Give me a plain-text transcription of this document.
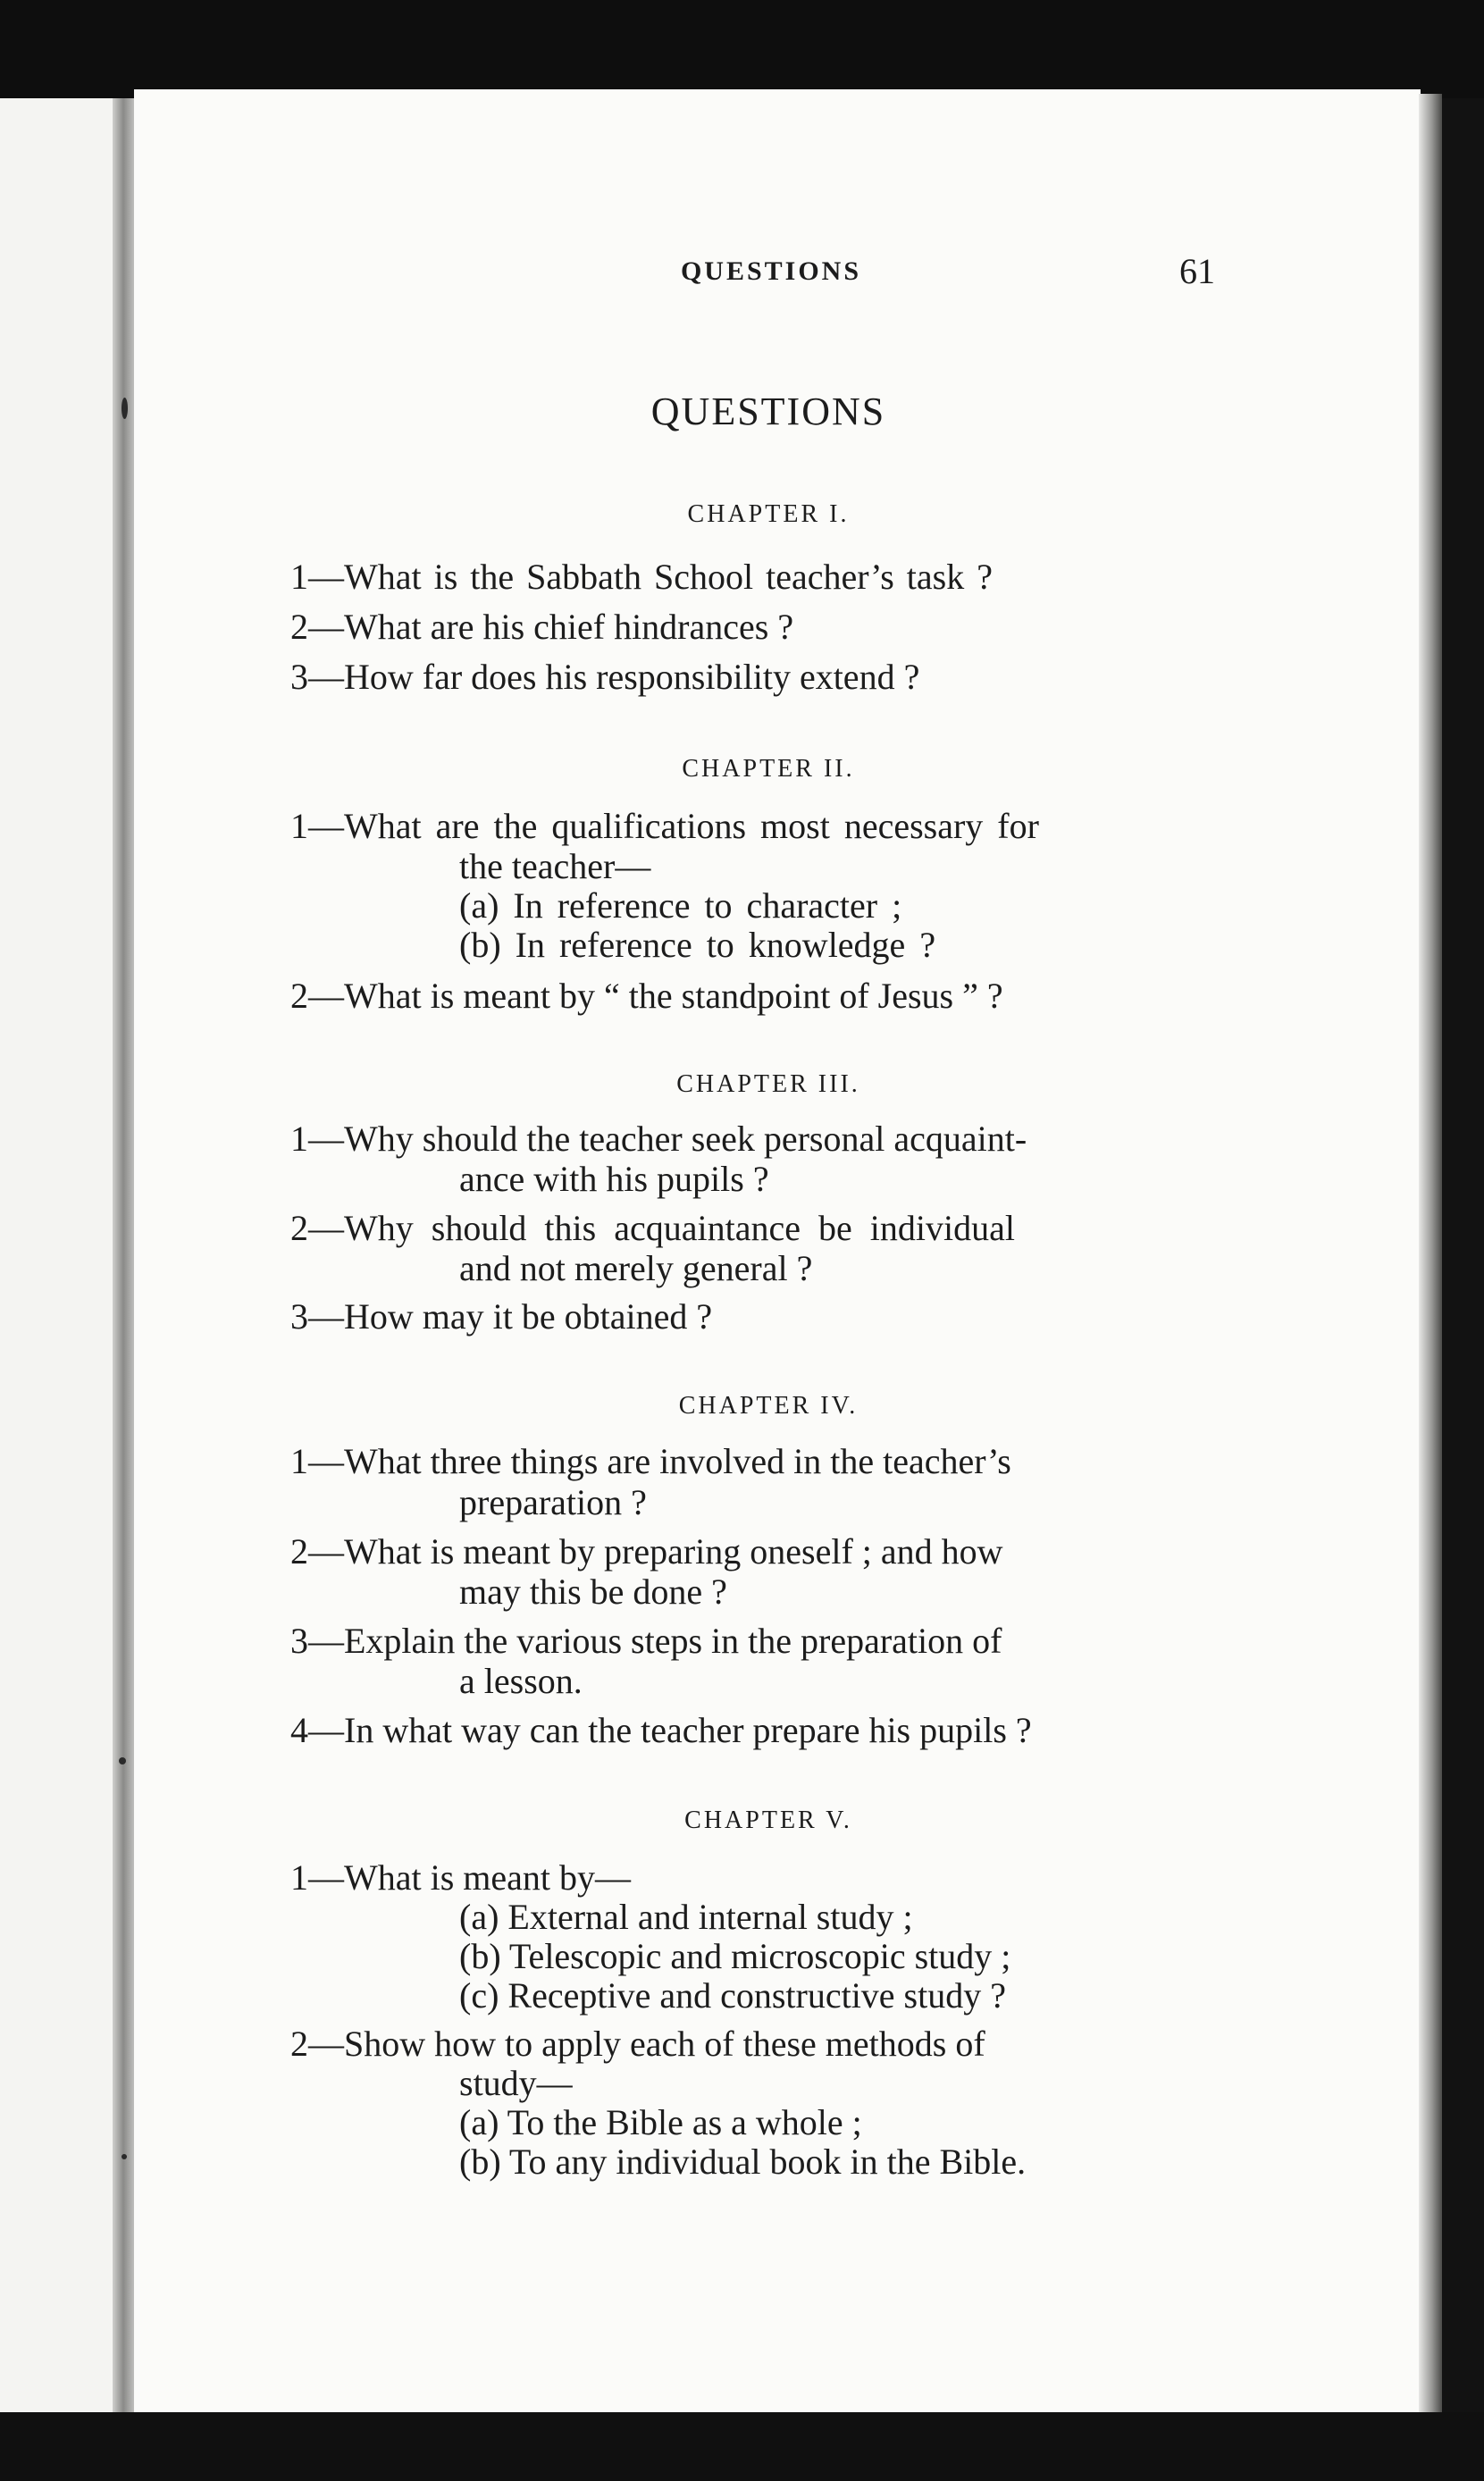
QUESTIONS	61
QUESTIONS
CHAPTER I.
1—What is the Sabbath School teacher’s task ?
2—What are his chief hindrances ?
3—How far does his responsibility extend ?
CHAPTER II.
1—What are the qualifications most necessary for
the teacher—
(a) In reference to character ;
(b) In reference to knowledge ?
2—What is meant by “ the standpoint of Jesus ” ?
CHAPTER III.
1—Why should the teacher seek personal acquaint-
ance with his pupils ?
2—Why should this acquaintance be individual
and not merely general ?
3—How may it be obtained ?
CHAPTER IV.
1—What three things are involved in the teacher’s
preparation ?
2—What is meant by preparing oneself ; and how
may this be done ?
3—Explain the various steps in the preparation of
a lesson.
4—In what way can the teacher prepare his pupils ?
CHAPTER V.
1—What is meant by—
(a) External and internal study ;
(b) Telescopic and microscopic study ;
(c) Receptive and constructive study ?
2—Show how to apply each of these methods of
study—
(a) To the Bible as a whole ;
(b) To any individual book in the Bible.
